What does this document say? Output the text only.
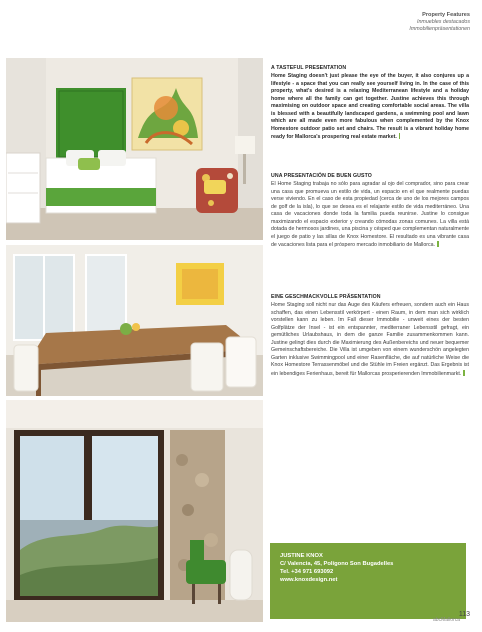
Property Features
Inmuebles destacados
Immobilienpräsentationen

A TASTEFUL PRESENTATION

Home Staging doesn't just please the eye of the buyer, it also conjures up a lifestyle - a space that you can really see yourself living in. In the case of this property, what's desired is a relaxing Mediterranean lifestyle and a holiday home where all the family can get together. Justine achieves this through maximising on outdoor space and creating comfortable social areas. The villa is blessed with a beautifully landscaped gardens, a swimming pool and lawn which are all made even more fabulous when complemented by the Knox Homestore outdoor patio set and chairs. The result is a vibrant holiday home ready for Mallorca's prospering real estate market.

UNA PRESENTACIÓN DE BUEN GUSTO

El Home Staging trabaja no sólo para agradar al ojo del comprador, sino para crear una casa que promueva un estilo de vida, un espacio en el que realmente puedas verse viviendo. En el caso de esta propiedad (cerca de uno de los mejores campos de golf de la isla), lo que se desea es el relajante estilo de vida mediterráneo. Una casa de vacaciones donde toda la familia pueda reunirse. Justine lo consigue maximizando el espacio exterior y creando cómodas zonas comunes. La villa está dotada de hermosos jardines, una piscina y césped que complementan naturalmente el juego de patio y las sillas de Knox Homestore. El resultado es una vibrante casa de vacaciones lista para el próspero mercado inmobiliario de Mallorca.

EINE GESCHMACKVOLLE PRÄSENTATION

Home Staging soll nicht nur das Auge des Käufers erfreuen, sondern auch ein Haus schaffen, das einen Lebensstil verkörpert - einen Raum, in dem man sich wirklich vorstellen kann zu leben. Im Fall dieser Immobilie - unweit eines der besten Golfplätze der Insel - ist ein entspannter, mediterraner Lebensstil gefragt, ein gemütliches Urlaubshaus, in dem die ganze Familie zusammenkommen kann. Justine gelingt dies durch die Maximierung des Außenbereichs und neuer bequemer Gemeinschaftsbereiche. Die Villa ist umgeben von einem wunderschön angelegten Garten inklusive Swimmingpool und einer Rasenfläche, die auf natürliche Weise die Knox Homestore Terrassenmöbel und die Stühle im Freien ergänzt. Das Ergebnis ist ein lebendiges Ferienhaus, bereit für Mallorcas prosperierenden Immobilienmarkt.

JUSTINE KNOX
C/ Valencia, 45, Polígono Son Bugadelles
Tel. +34 971 693092
www.knoxdesign.net
abcMallorca
113
